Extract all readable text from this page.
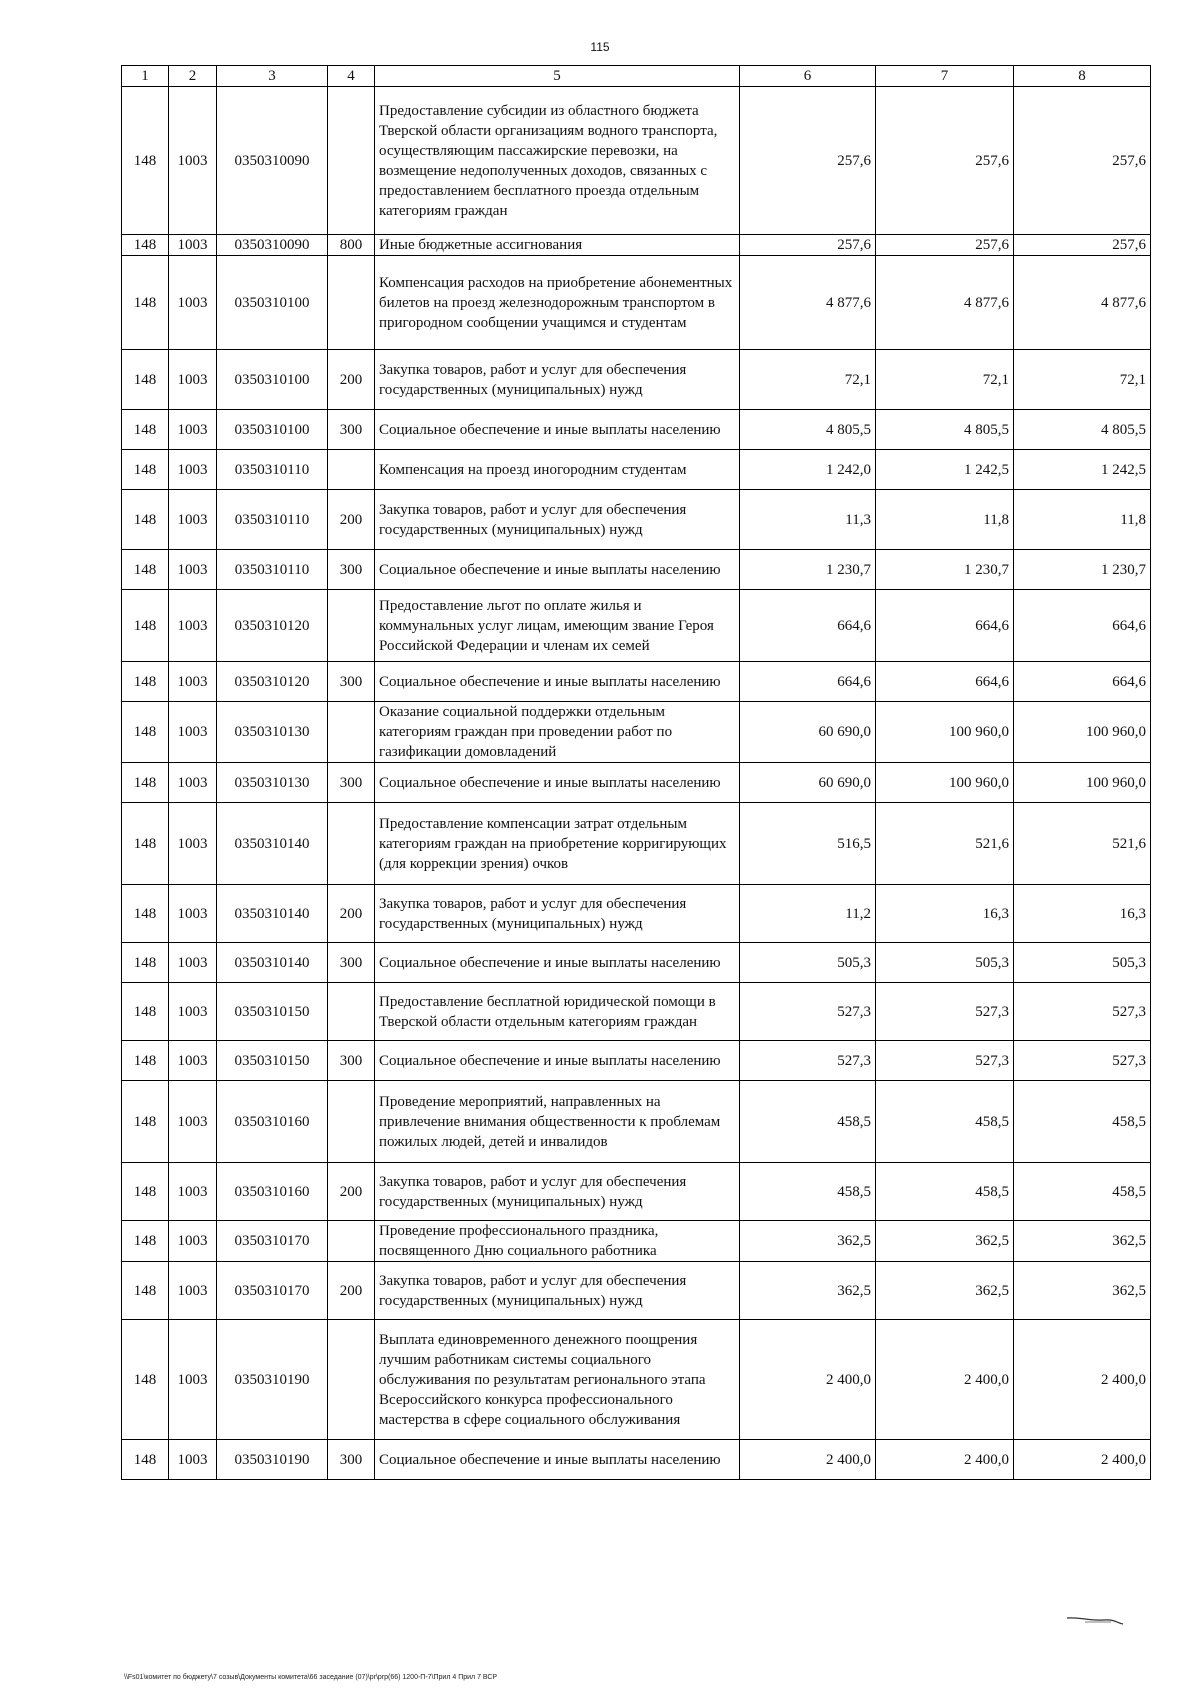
115
1	2	3	4	5	6	7	8
148	1003	0350310090		Предоставление субсидии из областного бюджета Тверской области организациям водного транспорта, осуществляющим пассажирские перевозки, на возмещение недополученных доходов, связанных с предоставлением бесплатного проезда отдельным категориям граждан	257,6	257,6	257,6
148	1003	0350310090	800	Иные бюджетные ассигнования	257,6	257,6	257,6
148	1003	0350310100		Компенсация расходов на приобретение абонементных билетов на проезд железнодорожным транспортом в пригородном сообщении учащимся и студентам	4 877,6	4 877,6	4 877,6
148	1003	0350310100	200	Закупка товаров, работ и услуг для обеспечения государственных (муниципальных) нужд	72,1	72,1	72,1
148	1003	0350310100	300	Социальное обеспечение и иные выплаты населению	4 805,5	4 805,5	4 805,5
148	1003	0350310110		Компенсация на проезд иногородним студентам	1 242,0	1 242,5	1 242,5
148	1003	0350310110	200	Закупка товаров, работ и услуг для обеспечения государственных (муниципальных) нужд	11,3	11,8	11,8
148	1003	0350310110	300	Социальное обеспечение и иные выплаты населению	1 230,7	1 230,7	1 230,7
148	1003	0350310120		Предоставление льгот по оплате жилья и коммунальных услуг лицам, имеющим звание Героя Российской Федерации и членам их семей	664,6	664,6	664,6
148	1003	0350310120	300	Социальное обеспечение и иные выплаты населению	664,6	664,6	664,6
148	1003	0350310130		Оказание социальной поддержки отдельным категориям граждан при проведении работ по газификации домовладений	60 690,0	100 960,0	100 960,0
148	1003	0350310130	300	Социальное обеспечение и иные выплаты населению	60 690,0	100 960,0	100 960,0
148	1003	0350310140		Предоставление компенсации затрат отдельным категориям граждан на приобретение корригирующих (для коррекции зрения) очков	516,5	521,6	521,6
148	1003	0350310140	200	Закупка товаров, работ и услуг для обеспечения государственных (муниципальных) нужд	11,2	16,3	16,3
148	1003	0350310140	300	Социальное обеспечение и иные выплаты населению	505,3	505,3	505,3
148	1003	0350310150		Предоставление бесплатной юридической помощи в Тверской области отдельным категориям граждан	527,3	527,3	527,3
148	1003	0350310150	300	Социальное обеспечение и иные выплаты населению	527,3	527,3	527,3
148	1003	0350310160		Проведение мероприятий, направленных на привлечение внимания общественности к проблемам пожилых людей, детей и инвалидов	458,5	458,5	458,5
148	1003	0350310160	200	Закупка товаров, работ и услуг для обеспечения государственных (муниципальных) нужд	458,5	458,5	458,5
148	1003	0350310170		Проведение профессионального праздника, посвященного Дню социального работника	362,5	362,5	362,5
148	1003	0350310170	200	Закупка товаров, работ и услуг для обеспечения государственных (муниципальных) нужд	362,5	362,5	362,5
148	1003	0350310190		Выплата единовременного денежного поощрения лучшим работникам системы социального обслуживания по результатам регионального этапа Всероссийского конкурса профессионального мастерства в сфере социального обслуживания	2 400,0	2 400,0	2 400,0
148	1003	0350310190	300	Социальное обеспечение и иные выплаты населению	2 400,0	2 400,0	2 400,0
\\Fs01\комитет по бюджету\7 созыв\Документы комитета\66 заседание (07)\pr\prp(66) 1200-П-7\Прил 4 Прил 7 ВСР
